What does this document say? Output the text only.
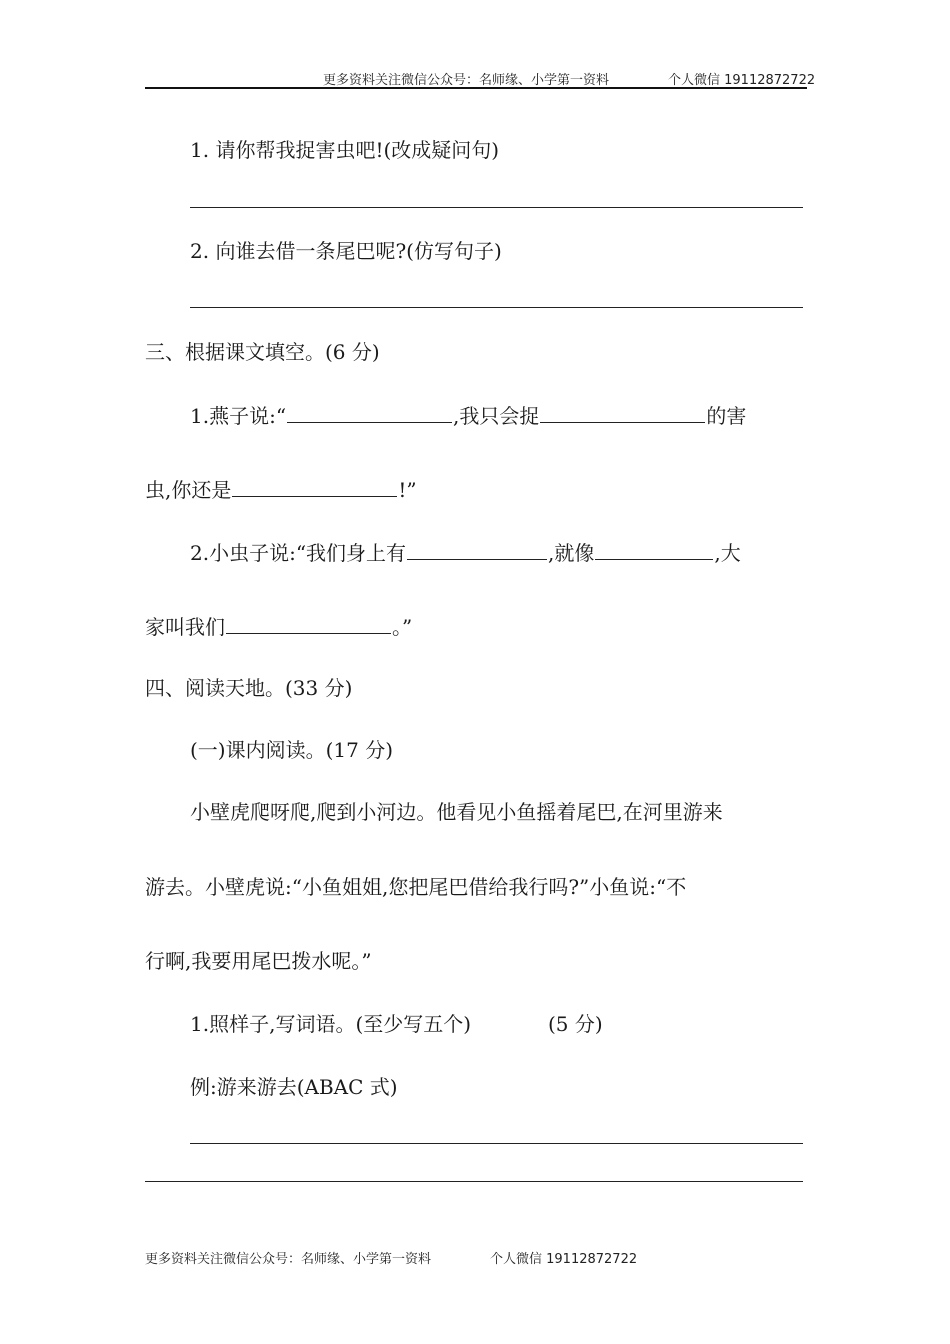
更多资料关注微信公众号：名师缘、小学第一资料	个人微信 19112872722
1. 请你帮我捉害虫吧!(改成疑问句)
2. 向谁去借一条尾巴呢?(仿写句子)
三、根据课文填空。(6 分)
1.燕子说:“	,我只会捉	的害
虫,你还是	!”
2.小虫子说:“我们身上有	,就像	,大
家叫我们	。”
四、阅读天地。(33 分)
(一)课内阅读。(17 分)
小壁虎爬呀爬,爬到小河边。他看见小鱼摇着尾巴,在河里游来
游去。小壁虎说:“小鱼姐姐,您把尾巴借给我行吗?”小鱼说:“不
行啊,我要用尾巴拨水呢。”
1.照样子,写词语。(至少写五个)	(5 分)
例:游来游去(ABAC 式)
更多资料关注微信公众号：名师缘、小学第一资料	个人微信 19112872722
